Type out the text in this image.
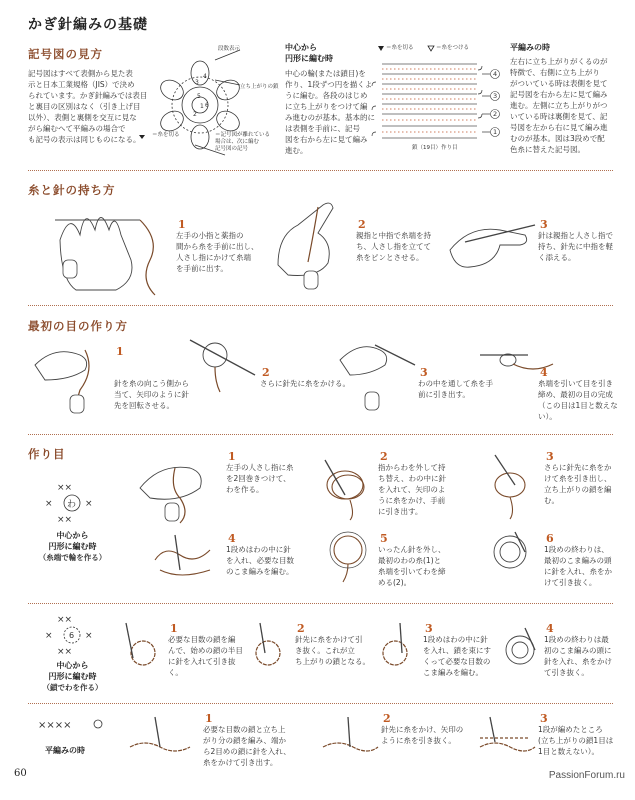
かぎ針編みの基礎
記号図の見方
記号図はすべて表側から見た表
示と日本工業規格（JIS）で決め
られています。かぎ針編みでは表目
と裏目の区別はなく（引き上げ目
以外）、表側と裏側を交互に見な
がら編むへて平編みの場合で
も記号の表示は同じものになる。
5
6
3
4
1
2
段数表示
立ち上がりの鎖
＝糸を切る	＝記号図が離れている
場合は、次に編む
記号図の記号
中心から
円形に編む時
中心の輪(または鎖目)を
作り、1段ずつ円を描くよ
うに編む。各段のはじめ
に立ち上がりをつけて編
み進むのが基本。基本的に
は表側を手前に、記号
図を右から左に見て編み
進む。
4
3
2
1
＝糸を切る	＝糸をつける
鎖（19目）作り目
平編みの時
左右に立ち上がりがくるのが
特徴で、右側に立ち上がり
がついている時は表側を見て
記号図を右から左に見て編み
進む。左側に立ち上がりがつ
いている時は裏側を見て、記
号図を左から右に見て編み進
むのが基本。図は3段めで配
色糸に替えた記号図。
糸と針の持ち方
1
左手の小指と薬指の
間から糸を手前に出し、
人さし指にかけて糸端
を手前に出す。
2
親指と中指で糸端を持
ち、人さし指を立てて
糸をピンとさせる。
3
針は親指と人さし指で
持ち、針先に中指を軽
く添える。
最初の目の作り方
1
針を糸の向こう側から
当て、矢印のように針
先を回転させる。
2
さらに針先に糸をかける。
3
わの中を通して糸を手
前に引き出す。
4
糸端を引いて目を引き
締め、最初の目の完成
（この目は1目と数えな
い）。
作り目
××
×	×
××
わ
中心から
円形に編む時
（糸端で輪を作る）
1
左手の人さし指に糸
を2回巻きつけて、
わを作る。
2
指からわを外して持
ち替え、わの中に針
を入れて、矢印のよ
うに糸をかけ、手前
に引き出す。
3
さらに針先に糸をか
けて糸を引き出し、
立ち上がりの鎖を編
む。
4
1段めはわの中に針
を入れ、必要な目数
のこま編みを編む。
5
いったん針を外し、
最初のわの糸(1)と
糸端を引いてわを締
める(2)。
6
1段めの終わりは、
最初のこま編みの頭
に針を入れ、糸をか
けて引き抜く。
××
×	×
××
6
中心から
円形に編む時
（鎖でわを作る）
1
必要な目数の鎖を編
んで、始めの鎖の半目
に針を入れて引き抜く。
2
針先に糸をかけて引
き抜く。これが立
ち上がりの鎖となる。
3
1段めはわの中に針
を入れ、鎖を束にす
くって必要な目数の
こま編みを編む。
4
1段めの終わりは最
初のこま編みの頭に
針を入れ、糸をかけ
て引き抜く。
××××
平編みの時
1
必要な目数の鎖と立ち上
がり分の鎖を編み、端か
ら2目めの鎖に針を入れ、
糸をかけて引き出す。
2
針先に糸をかけ、矢印の
ように糸を引き抜く。
3
1段が編めたところ
(立ち上がりの鎖1目は
1目と数えない）。
60	PassionForum.ru
